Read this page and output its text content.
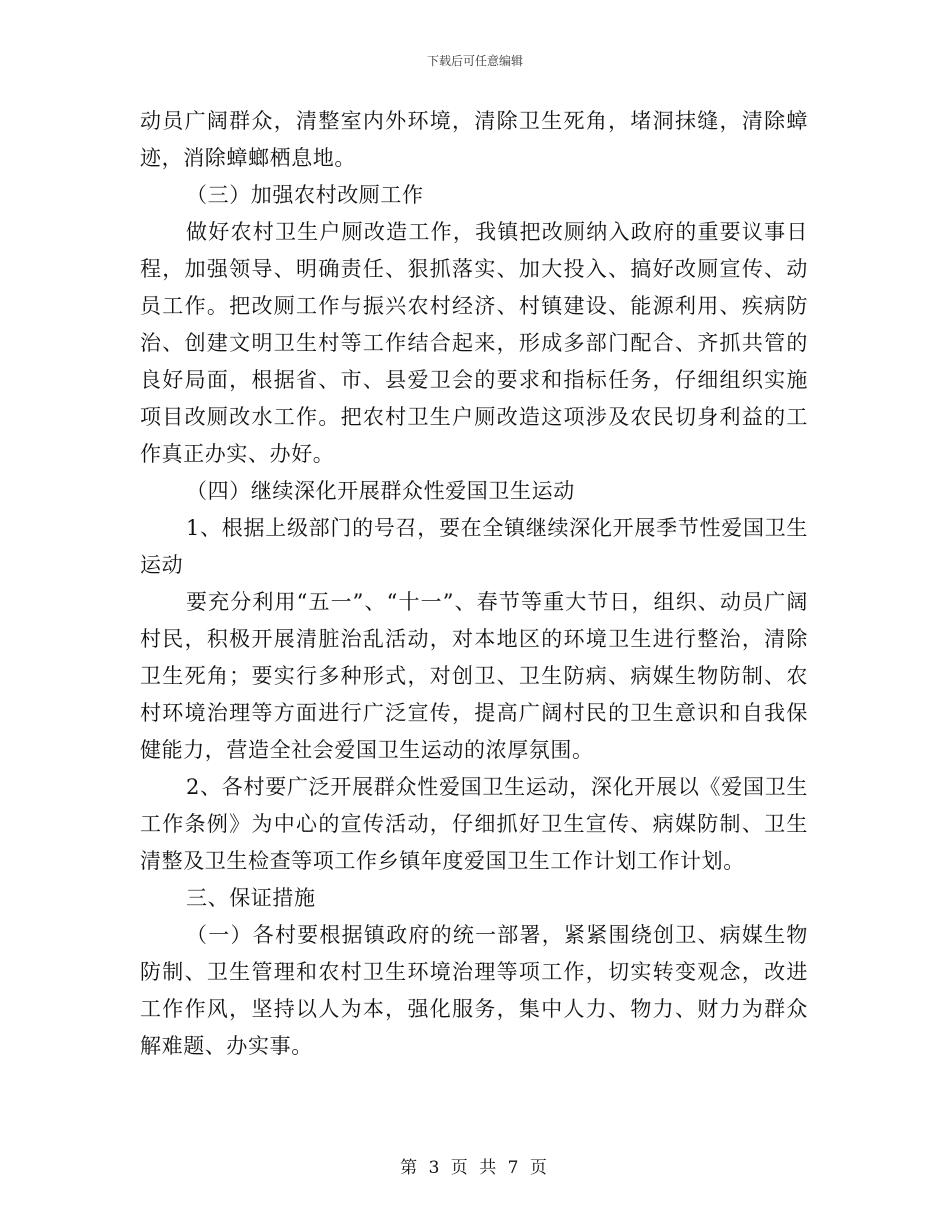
下载后可任意编辑

动员广阔群众，清整室内外环境，清除卫生死角，堵洞抹缝，清除蟑迹，消除蟑螂栖息地。

（三）加强农村改厕工作

做好农村卫生户厕改造工作，我镇把改厕纳入政府的重要议事日程，加强领导、明确责任、狠抓落实、加大投入、搞好改厕宣传、动员工作。把改厕工作与振兴农村经济、村镇建设、能源利用、疾病防治、创建文明卫生村等工作结合起来，形成多部门配合、齐抓共管的良好局面，根据省、市、县爱卫会的要求和指标任务，仔细组织实施项目改厕改水工作。把农村卫生户厕改造这项涉及农民切身利益的工作真正办实、办好。

（四）继续深化开展群众性爱国卫生运动

1、根据上级部门的号召，要在全镇继续深化开展季节性爱国卫生运动

要充分利用“五一”、“十一”、春节等重大节日，组织、动员广阔村民，积极开展清脏治乱活动，对本地区的环境卫生进行整治，清除卫生死角；要实行多种形式，对创卫、卫生防病、病媒生物防制、农村环境治理等方面进行广泛宣传，提高广阔村民的卫生意识和自我保健能力，营造全社会爱国卫生运动的浓厚氛围。

2、各村要广泛开展群众性爱国卫生运动，深化开展以《爱国卫生工作条例》为中心的宣传活动，仔细抓好卫生宣传、病媒防制、卫生清整及卫生检查等项工作乡镇年度爱国卫生工作计划工作计划。

三、保证措施

（一）各村要根据镇政府的统一部署，紧紧围绕创卫、病媒生物防制、卫生管理和农村卫生环境治理等项工作，切实转变观念，改进工作作风，坚持以人为本，强化服务，集中人力、物力、财力为群众解难题、办实事。

第 3 页 共 7 页
